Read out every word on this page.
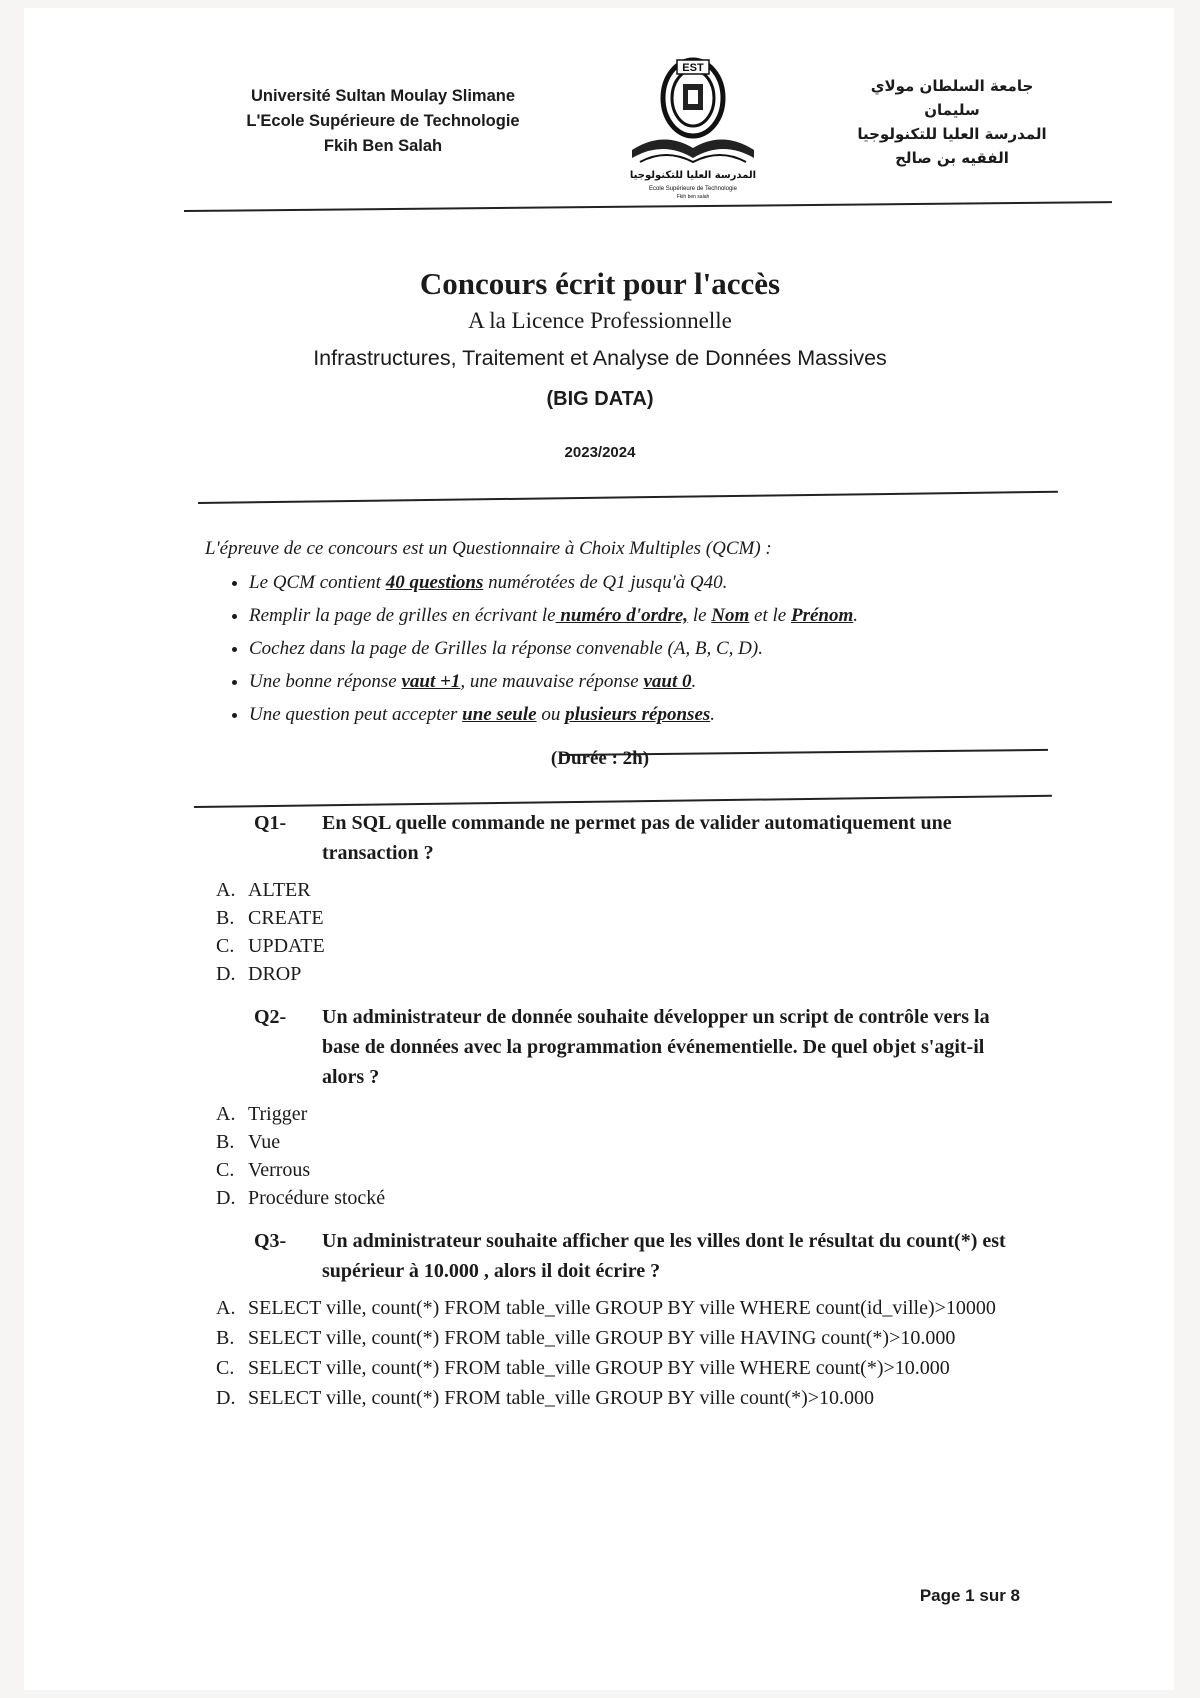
Université Sultan Moulay Slimane
L'Ecole Supérieure de Technologie
Fkih Ben Salah
EST
المدرسة العليا للتكنولوجيا
Ecole Supérieure de Technologie
Fkih ben salah
جامعة السلطان مولاي سليمان
المدرسة العليا للتكنولوجيا
الفقيه بن صالح
Concours écrit pour l'accès
A la Licence Professionnelle
Infrastructures, Traitement et Analyse de Données Massives
(BIG DATA)
2023/2024

L'épreuve de ce concours est un Questionnaire à Choix Multiples (QCM) :

• Le QCM contient 40 questions numérotées de Q1 jusqu'à Q40.
• Remplir la page de grilles en écrivant le numéro d'ordre, le Nom et le Prénom.
• Cochez dans la page de Grilles la réponse convenable (A, B, C, D).
• Une bonne réponse vaut +1, une mauvaise réponse vaut 0.
• Une question peut accepter une seule ou plusieurs réponses.
(Durée : 2h)
Q1-	En SQL quelle commande ne permet pas de valider automatiquement une transaction ?
A. ALTER
B. CREATE
C. UPDATE
D. DROP
Q2-	Un administrateur de donnée souhaite développer un script de contrôle vers la base de données avec la programmation événementielle. De quel objet s'agit-il alors ?
A. Trigger
B. Vue
C. Verrous
D. Procédure stocké
Q3-	Un administrateur souhaite afficher que les villes dont le résultat du count(*) est supérieur à 10.000 , alors il doit écrire ?
A. SELECT ville, count(*) FROM table_ville GROUP BY ville WHERE count(id_ville)>10000
B. SELECT ville, count(*) FROM table_ville GROUP BY ville HAVING count(*)>10.000
C. SELECT ville, count(*) FROM table_ville GROUP BY ville WHERE count(*)>10.000
D. SELECT ville, count(*) FROM table_ville GROUP BY ville count(*)>10.000
Page 1 sur 8
